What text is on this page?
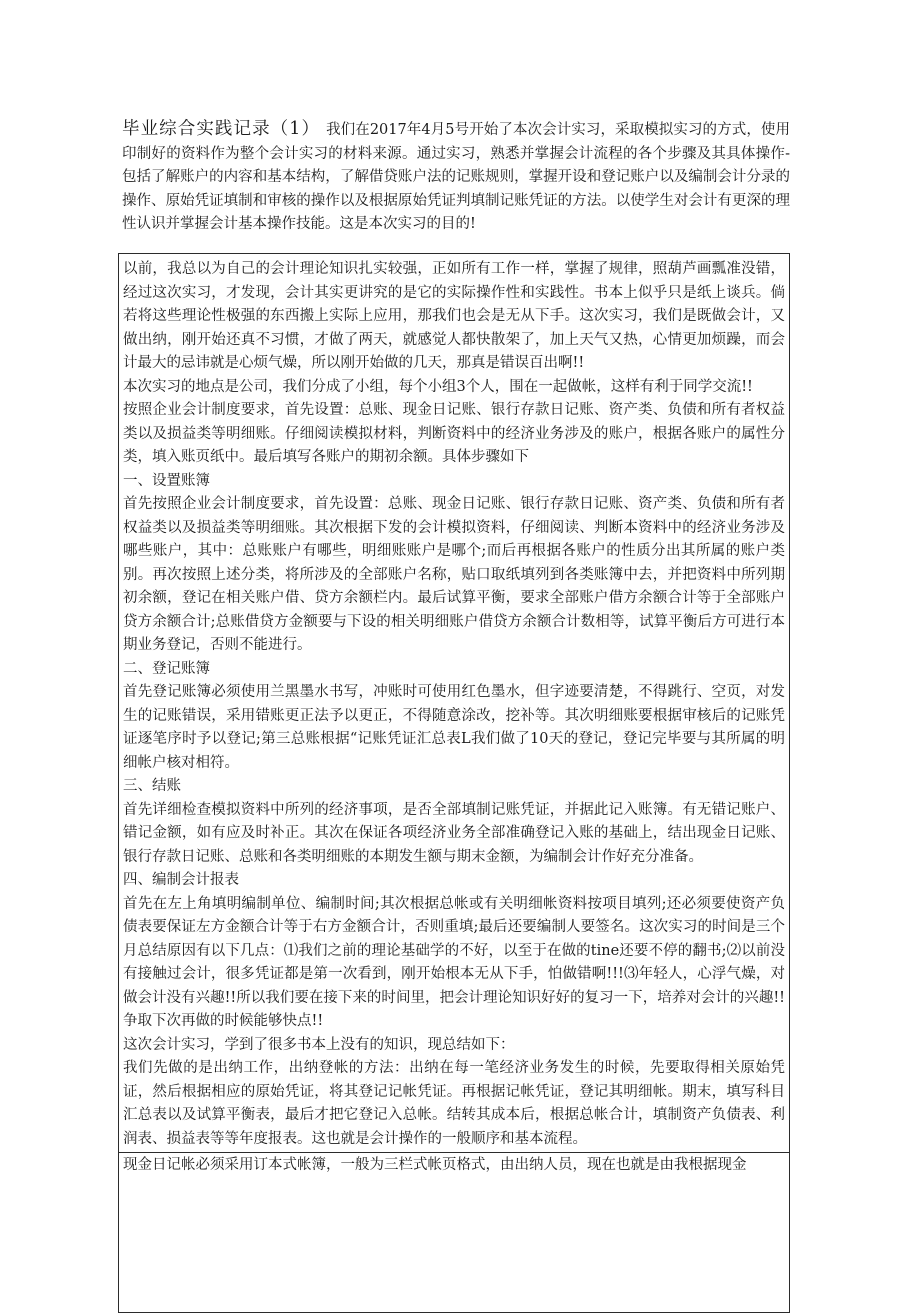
毕业综合实践记录（1） 我们在2017年4月5号开始了本次会计实习，采取模拟实习的方式，使用印制好的资料作为整个会计实习的材料来源。通过实习，熟悉并掌握会计流程的各个步骤及其具体操作-包括了解账户的内容和基本结构，了解借贷账户法的记账规则，掌握开设和登记账户以及编制会计分录的操作、原始凭证填制和审核的操作以及根据原始凭证判填制记账凭证的方法。以使学生对会计有更深的理性认识并掌握会计基本操作技能。这是本次实习的目的!

以前，我总以为自己的会计理论知识扎实较强，正如所有工作一样，掌握了规律，照葫芦画瓢准没错，经过这次实习，才发现，会计其实更讲究的是它的实际操作性和实践性。书本上似乎只是纸上谈兵。倘若将这些理论性极强的东西搬上实际上应用，那我们也会是无从下手。这次实习，我们是既做会计，又做出纳，刚开始还真不习惯，才做了两天，就感觉人都快散架了，加上天气又热，心情更加烦躁，而会计最大的忌讳就是心烦气燥，所以刚开始做的几天，那真是错误百出啊!!

本次实习的地点是公司，我们分成了小组，每个小组3个人，围在一起做帐，这样有利于同学交流!!

按照企业会计制度要求，首先设置：总账、现金日记账、银行存款日记账、资产类、负债和所有者权益类以及损益类等明细账。仔细阅读模拟材料，判断资料中的经济业务涉及的账户，根据各账户的属性分类，填入账页纸中。最后填写各账户的期初余额。具体步骤如下

一、设置账簿

首先按照企业会计制度要求，首先设置：总账、现金日记账、银行存款日记账、资产类、负债和所有者权益类以及损益类等明细账。其次根据下发的会计模拟资料，仔细阅读、判断本资料中的经济业务涉及哪些账户，其中：总账账户有哪些，明细账账户是哪个;而后再根据各账户的性质分出其所属的账户类别。再次按照上述分类，将所涉及的全部账户名称，贴口取纸填列到各类账簿中去，并把资料中所列期初余额，登记在相关账户借、贷方余额栏内。最后试算平衡，要求全部账户借方余额合计等于全部账户贷方余额合计;总账借贷方金额要与下设的相关明细账户借贷方余额合计数相等，试算平衡后方可进行本期业务登记，否则不能进行。

二、登记账簿

首先登记账簿必须使用兰黑墨水书写，冲账时可使用红色墨水，但字迹要清楚，不得跳行、空页，对发生的记账错误，采用错账更正法予以更正，不得随意涂改，挖补等。其次明细账要根据审核后的记账凭证逐笔序时予以登记;第三总账根据“记账凭证汇总表L我们做了10天的登记，登记完毕要与其所属的明细帐户核对相符。

三、结账

首先详细检查模拟资料中所列的经济事项，是否全部填制记账凭证，并据此记入账簿。有无错记账户、错记金额，如有应及时补正。其次在保证各项经济业务全部准确登记入账的基础上，结出现金日记账、银行存款日记账、总账和各类明细账的本期发生额与期末金额，为编制会计作好充分准备。

四、编制会计报表

首先在左上角填明编制单位、编制时间;其次根据总帐或有关明细帐资料按项目填列;还必须要使资产负债表要保证左方金额合计等于右方金额合计，否则重填;最后还要编制人要签名。这次实习的时间是三个月总结原因有以下几点：⑴我们之前的理论基础学的不好，以至于在做的tine还要不停的翻书;⑵以前没有接触过会计，很多凭证都是第一次看到，刚开始根本无从下手，怕做错啊!!!⑶年轻人，心浮气燥，对做会计没有兴趣!!所以我们要在接下来的时间里，把会计理论知识好好的复习一下，培养对会计的兴趣!!争取下次再做的时候能够快点!!

这次会计实习，学到了很多书本上没有的知识，现总结如下：

我们先做的是出纳工作，出纳登帐的方法：出纳在每一笔经济业务发生的时候，先要取得相关原始凭证，然后根据相应的原始凭证，将其登记记帐凭证。再根据记帐凭证，登记其明细帐。期末，填写科目汇总表以及试算平衡表，最后才把它登记入总帐。结转其成本后，根据总帐合计，填制资产负债表、利润表、损益表等等年度报表。这也就是会计操作的一般顺序和基本流程。

现金日记帐必须采用订本式帐簿，一般为三栏式帐页格式，由出纳人员，现在也就是由我根据现金
